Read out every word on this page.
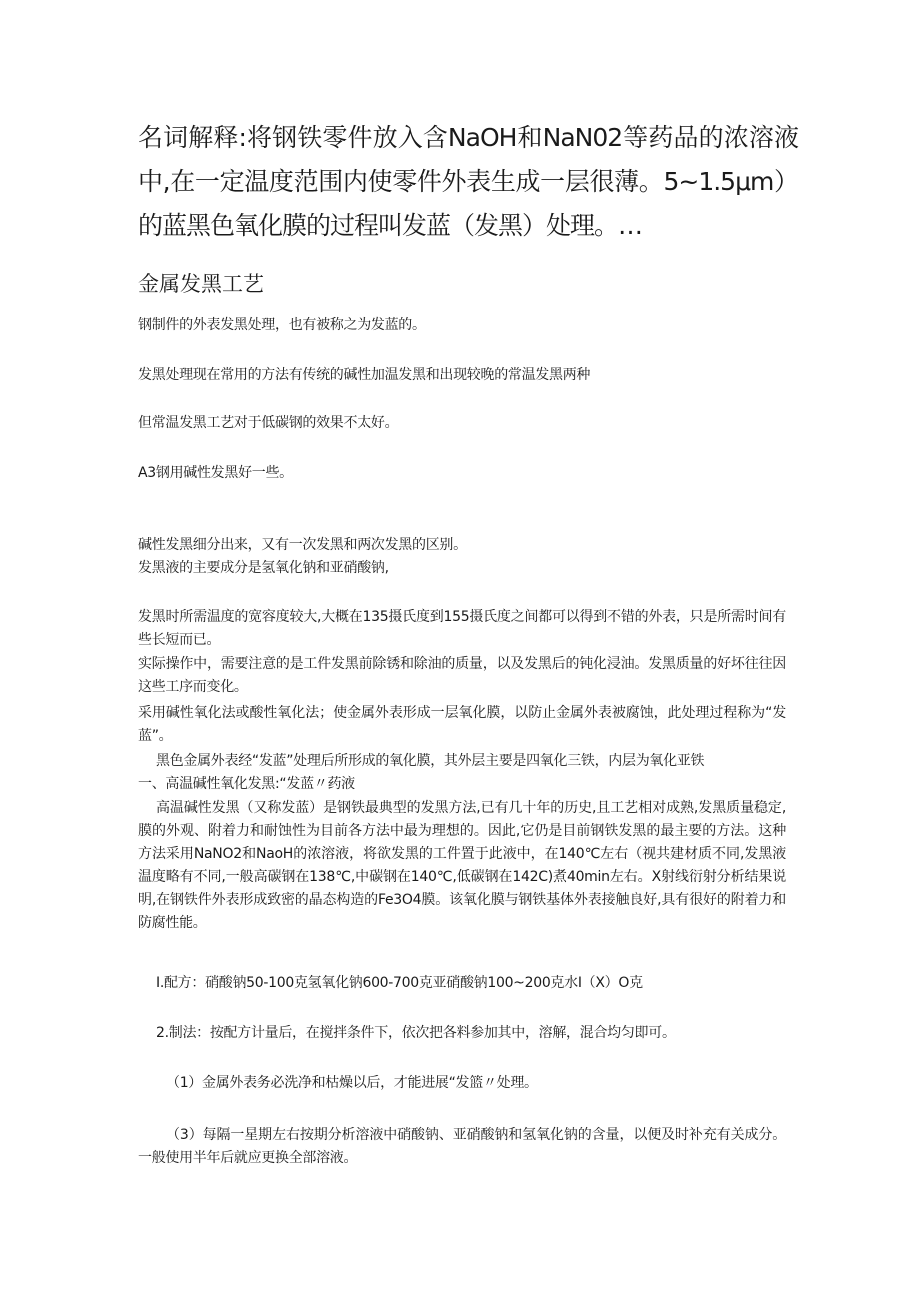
名词解释:将钢铁零件放入含NaOH和NaN02等药品的浓溶液中,在一定温度范围内使零件外表生成一层很薄。5~1.5μm）的蓝黑色氧化膜的过程叫发蓝（发黑）处理。…

金属发黑工艺

钢制件的外表发黑处理，也有被称之为发蓝的。

发黑处理现在常用的方法有传统的碱性加温发黑和出现较晚的常温发黑两种

但常温发黑工艺对于低碳钢的效果不太好。

A3钢用碱性发黑好一些。

碱性发黑细分出来，又有一次发黑和两次发黑的区别。

发黑液的主要成分是氢氧化钠和亚硝酸钠,

发黑时所需温度的宽容度较大,大概在135摄氏度到155摄氏度之间都可以得到不错的外表，只是所需时间有些长短而已。

实际操作中，需要注意的是工件发黑前除锈和除油的质量，以及发黑后的钝化浸油。发黑质量的好坏往往因这些工序而变化。

采用碱性氧化法或酸性氧化法；使金属外表形成一层氧化膜，以防止金属外表被腐蚀，此处理过程称为“发蓝”。

黑色金属外表经“发蓝”处理后所形成的氧化膜，其外层主要是四氧化三铁，内层为氧化亚铁

一、高温碱性氧化发黑:“发蓝〃药液

高温碱性发黑（又称发蓝）是钢铁最典型的发黑方法,已有几十年的历史,且工艺相对成熟,发黑质量稳定,膜的外观、附着力和耐蚀性为目前各方法中最为理想的。因此,它仍是目前钢铁发黑的最主要的方法。这种方法采用NaNO2和NaoH的浓溶液，将欲发黑的工件置于此液中，在140℃左右（视共建材质不同,发黑液温度略有不同,一般高碳钢在138℃,中碳钢在140℃,低碳钢在142C)煮40min左右。X射线衍射分析结果说明,在钢铁件外表形成致密的晶态构造的Fe3O4膜。该氧化膜与钢铁基体外表接触良好,具有很好的附着力和防腐性能。

I.配方：硝酸钠50-100克氢氧化钠600-700克亚硝酸钠100~200克水I（X）O克

2.制法：按配方计量后，在搅拌条件下，依次把各料参加其中，溶解，混合均匀即可。

（1）金属外表务必洗净和枯燥以后，才能进展“发篮〃处理。

（3）每隔一星期左右按期分析溶液中硝酸钠、亚硝酸钠和氢氧化钠的含量，以便及时补充有关成分。一般使用半年后就应更换全部溶液。
